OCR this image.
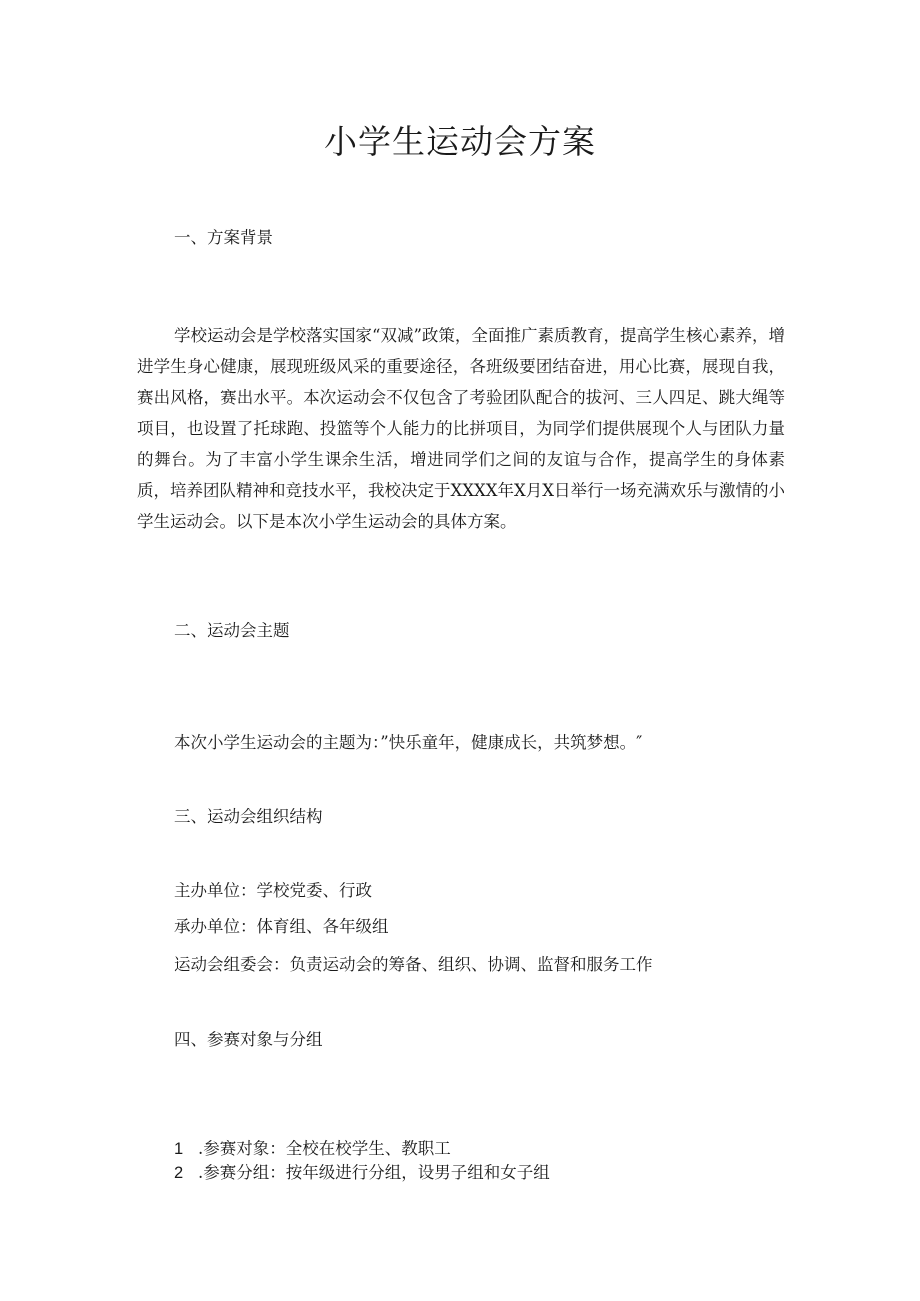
小学生运动会方案
一、方案背景

学校运动会是学校落实国家“双减”政策，全面推广素质教育，提高学生核心素养，增进学生身心健康，展现班级风采的重要途径，各班级要团结奋进，用心比赛，展现自我，赛出风格，赛出水平。本次运动会不仅包含了考验团队配合的拔河、三人四足、跳大绳等项目，也设置了托球跑、投篮等个人能力的比拼项目，为同学们提供展现个人与团队力量的舞台。为了丰富小学生课余生活，增进同学们之间的友谊与合作，提高学生的身体素质，培养团队精神和竞技水平，我校决定于XXXX年X月X日举行一场充满欢乐与激情的小学生运动会。以下是本次小学生运动会的具体方案。

二、运动会主题

本次小学生运动会的主题为：”快乐童年，健康成长，共筑梦想。″

三、运动会组织结构

主办单位：学校党委、行政

承办单位：体育组、各年级组

运动会组委会：负责运动会的筹备、组织、协调、监督和服务工作

四、参赛对象与分组

1 .参赛对象：全校在校学生、教职工

2 .参赛分组：按年级进行分组，设男子组和女子组
